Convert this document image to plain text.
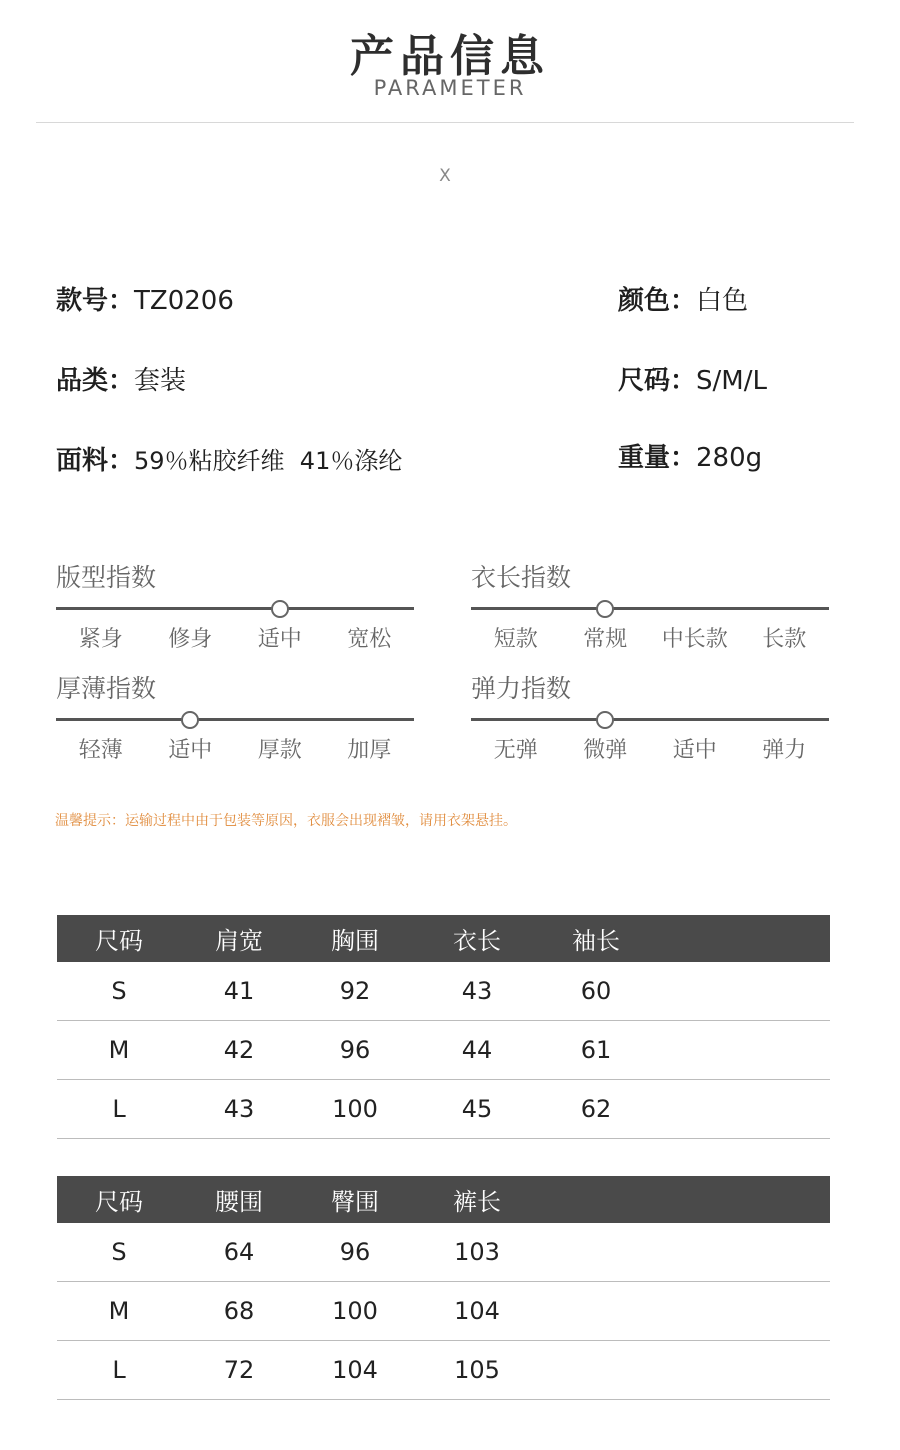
产品信息
PARAMETER
X
款号：TZ0206	颜色：白色
品类：套装	尺码：S/M/L
面料：59％粘胶纤维  41％涤纶	重量：280g
版型指数
紧身	修身	适中	宽松
衣长指数
短款	常规	中长款	长款
厚薄指数
轻薄	适中	厚款	加厚
弹力指数
无弹	微弹	适中	弹力
温馨提示：运输过程中由于包装等原因，衣服会出现褶皱，请用衣架悬挂。
尺码	肩宽	胸围	衣长	袖长	
S	41	92	43	60	
M	42	96	44	61	
L	43	100	45	62	
尺码	腰围	臀围	裤长		
S	64	96	103		
M	68	100	104		
L	72	104	105		
